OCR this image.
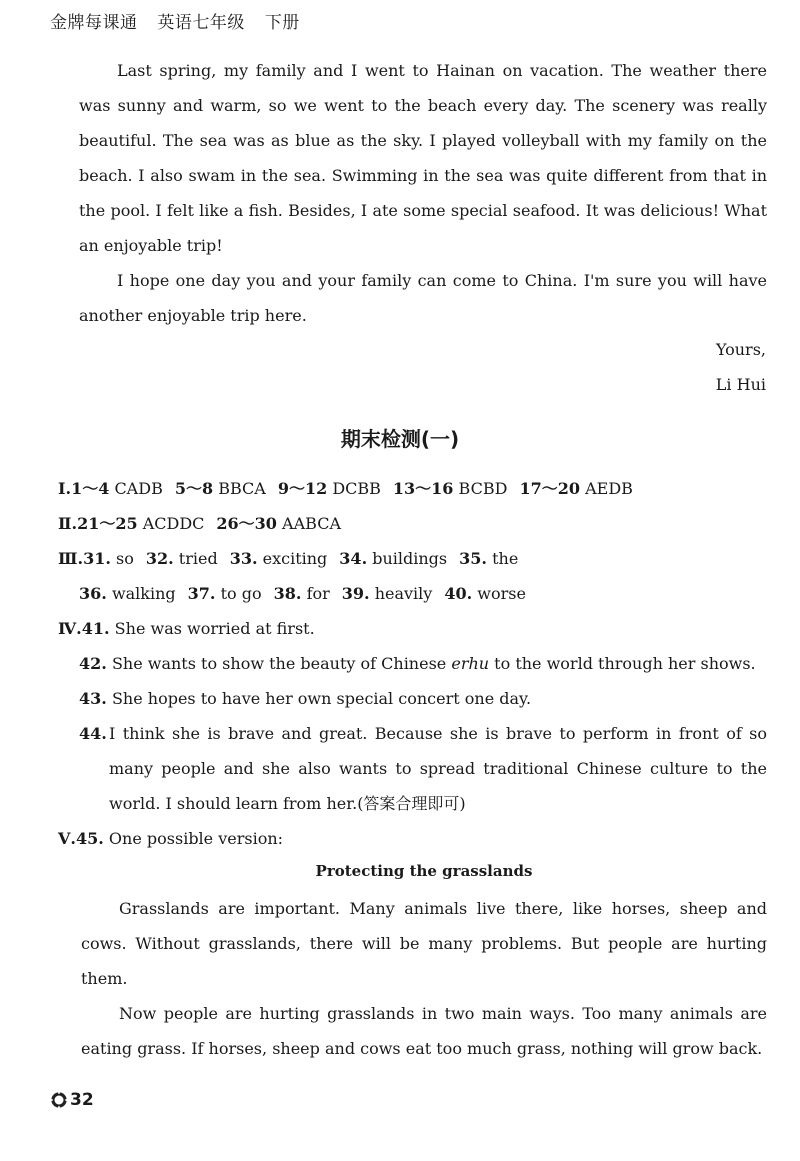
金牌每课通 英语七年级 下册

Last spring, my family and I went to Hainan on vacation. The weather there was sunny and warm, so we went to the beach every day. The scenery was really beautiful. The sea was as blue as the sky. I played volleyball with my family on the beach. I also swam in the sea. Swimming in the sea was quite different from that in the pool. I felt like a fish. Besides, I ate some special seafood. It was delicious! What an enjoyable trip!

I hope one day you and your family can come to China. I'm sure you will have another enjoyable trip here.

Yours,
Li Hui
期末检测(一)
Ⅰ.1～4 CADB 5～8 BBCA 9～12 DCBB 13～16 BCBD 17～20 AEDB
Ⅱ.21～25 ACDDC 26～30 AABCA
Ⅲ.31. so 32. tried 33. exciting 34. buildings 35. the
36. walking 37. to go 38. for 39. heavily 40. worse
Ⅳ.41. She was worried at first.
42. She wants to show the beauty of Chinese erhu to the world through her shows.
43. She hopes to have her own special concert one day.
44. I think she is brave and great. Because she is brave to perform in front of so many people and she also wants to spread traditional Chinese culture to the world. I should learn from her.(答案合理即可)
Ⅴ.45. One possible version:
Protecting the grasslands

Grasslands are important. Many animals live there, like horses, sheep and cows. Without grasslands, there will be many problems. But people are hurting them.

Now people are hurting grasslands in two main ways. Too many animals are eating grass. If horses, sheep and cows eat too much grass, nothing will grow back.

32
